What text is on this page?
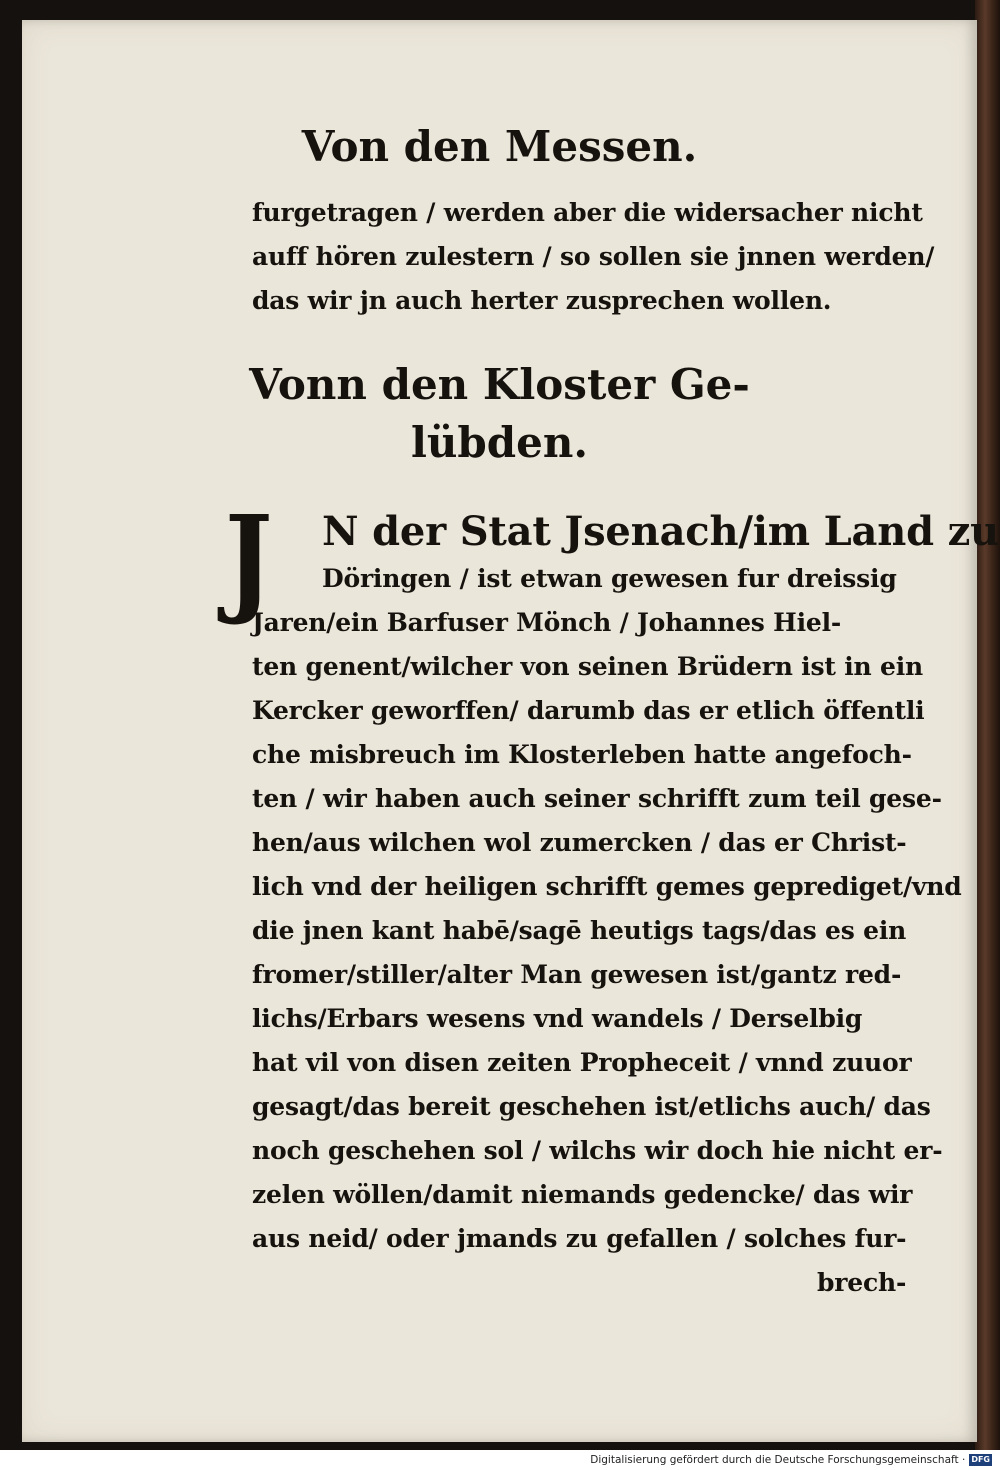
Von den Messen.
furgetragen / werden aber die widersacher nicht
auff hören zulestern / so sollen sie jnnen werden/
das wir jn auch herter zusprechen wollen.
Vonn den Kloster Ge-
lübden.
J N der Stat Jsenach/im Land zu
Döringen / ist etwan gewesen fur dreissig
Jaren/ein Barfuser Mönch / Johannes Hiel-
ten genent/wilcher von seinen Brüdern ist in ein
Kercker geworffen/ darumb das er etlich öffentli
che misbreuch im Klosterleben hatte angefoch-
ten / wir haben auch seiner schrifft zum teil gese-
hen/aus wilchen wol zumercken / das er Christ-
lich vnd der heiligen schrifft gemes geprediget/vnd
die jnen kant habē/sagē heutigs tags/das es ein
fromer/stiller/alter Man gewesen ist/gantz red-
lichs/Erbars wesens vnd wandels / Derselbig
hat vil von disen zeiten Propheceit / vnnd zuuor
gesagt/das bereit geschehen ist/etlichs auch/ das
noch geschehen sol / wilchs wir doch hie nicht er-
zelen wöllen/damit niemands gedencke/ das wir
aus neid/ oder jmands zu gefallen / solches fur-
brech-
Digitalisierung gefördert durch die Deutsche Forschungsgemeinschaft · DFG
